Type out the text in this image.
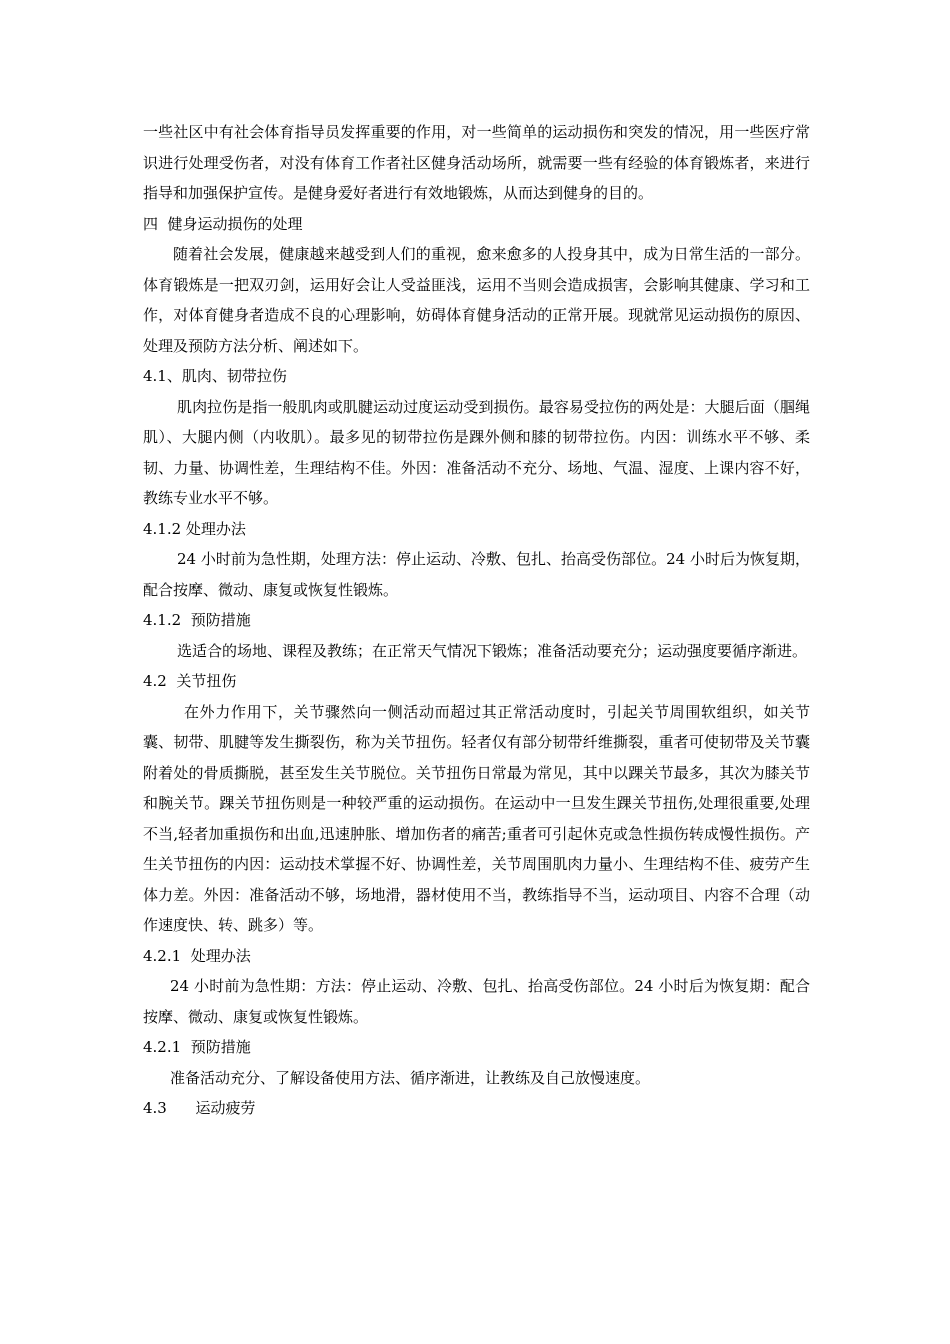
一些社区中有社会体育指导员发挥重要的作用，对一些简单的运动损伤和突发的情况，用一些医疗常识进行处理受伤者，对没有体育工作者社区健身活动场所，就需要一些有经验的体育锻炼者，来进行指导和加强保护宣传。是健身爱好者进行有效地锻炼，从而达到健身的目的。

四  健身运动损伤的处理

随着社会发展，健康越来越受到人们的重视，愈来愈多的人投身其中，成为日常生活的一部分。体育锻炼是一把双刃剑，运用好会让人受益匪浅，运用不当则会造成损害，会影响其健康、学习和工作，对体育健身者造成不良的心理影响，妨碍体育健身活动的正常开展。现就常见运动损伤的原因、处理及预防方法分析、阐述如下。

4.1、肌肉、韧带拉伤

肌肉拉伤是指一般肌肉或肌腱运动过度运动受到损伤。最容易受拉伤的两处是：大腿后面（腘绳肌）、大腿内侧（内收肌）。最多见的韧带拉伤是踝外侧和膝的韧带拉伤。内因：训练水平不够、柔韧、力量、协调性差，生理结构不佳。外因：准备活动不充分、场地、气温、湿度、上课内容不好，教练专业水平不够。

4.1.2 处理办法

24 小时前为急性期，处理方法：停止运动、冷敷、包扎、抬高受伤部位。24 小时后为恢复期，配合按摩、微动、康复或恢复性锻炼。

4.1.2  预防措施

选适合的场地、课程及教练；在正常天气情况下锻炼；准备活动要充分；运动强度要循序渐进。

4.2  关节扭伤

在外力作用下，关节骤然向一侧活动而超过其正常活动度时，引起关节周围软组织，如关节囊、韧带、肌腱等发生撕裂伤，称为关节扭伤。轻者仅有部分韧带纤维撕裂，重者可使韧带及关节囊附着处的骨质撕脱，甚至发生关节脱位。关节扭伤日常最为常见，其中以踝关节最多，其次为膝关节和腕关节。踝关节扭伤则是一种较严重的运动损伤。在运动中一旦发生踝关节扭伤,处理很重要,处理不当,轻者加重损伤和出血,迅速肿胀、增加伤者的痛苦;重者可引起休克或急性损伤转成慢性损伤。产生关节扭伤的内因：运动技术掌握不好、协调性差，关节周围肌肉力量小、生理结构不佳、疲劳产生体力差。外因：准备活动不够，场地滑，器材使用不当，教练指导不当，运动项目、内容不合理（动作速度快、转、跳多）等。

4.2.1  处理办法

24 小时前为急性期：方法：停止运动、冷敷、包扎、抬高受伤部位。24 小时后为恢复期：配合按摩、微动、康复或恢复性锻炼。

4.2.1  预防措施

准备活动充分、了解设备使用方法、循序渐进，让教练及自己放慢速度。

4.3      运动疲劳
